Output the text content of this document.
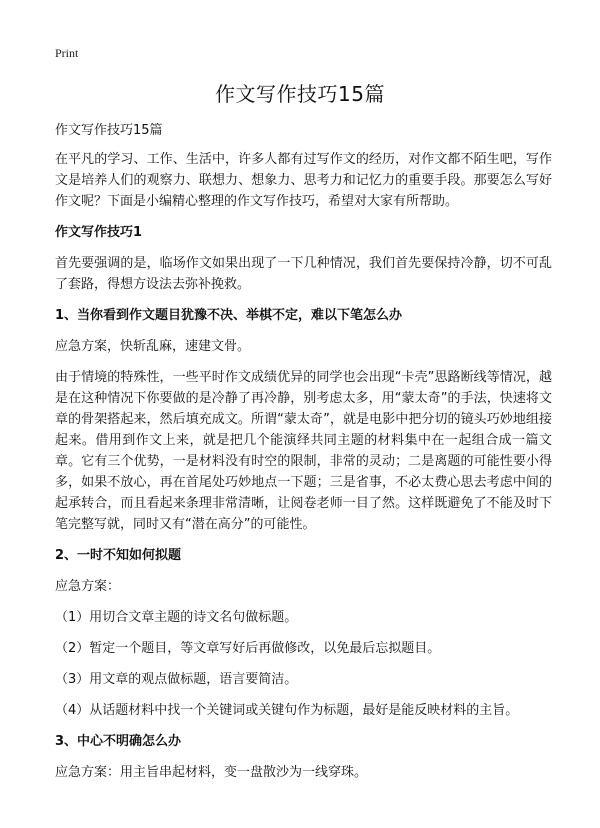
Print
作文写作技巧15篇

作文写作技巧15篇

在平凡的学习、工作、生活中，许多人都有过写作文的经历，对作文都不陌生吧，写作文是培养人们的观察力、联想力、想象力、思考力和记忆力的重要手段。那要怎么写好作文呢？下面是小编精心整理的作文写作技巧，希望对大家有所帮助。

作文写作技巧1

首先要强调的是，临场作文如果出现了一下几种情况，我们首先要保持冷静，切不可乱了套路，得想方设法去弥补挽救。

1、当你看到作文题目犹豫不决、举棋不定，难以下笔怎么办

应急方案，快斩乱麻，速建文骨。

由于情境的特殊性，一些平时作文成绩优异的同学也会出现“卡壳”思路断线等情况，越是在这种情况下你要做的是冷静了再冷静，别考虑太多，用“蒙太奇”的手法，快速将文章的骨架搭起来，然后填充成文。所谓“蒙太奇”，就是电影中把分切的镜头巧妙地组接起来。借用到作文上来，就是把几个能演绎共同主题的材料集中在一起组合成一篇文章。它有三个优势，一是材料没有时空的限制，非常的灵动；二是离题的可能性要小得多，如果不放心，再在首尾处巧妙地点一下题；三是省事，不必太费心思去考虑中间的起承转合，而且看起来条理非常清晰，让阅卷老师一目了然。这样既避免了不能及时下笔完整写就，同时又有“潜在高分”的可能性。

2、一时不知如何拟题

应急方案：

（1）用切合文章主题的诗文名句做标题。

（2）暂定一个题目，等文章写好后再做修改，以免最后忘拟题目。

（3）用文章的观点做标题，语言要简洁。

（4）从话题材料中找一个关键词或关键句作为标题，最好是能反映材料的主旨。

3、中心不明确怎么办

应急方案：用主旨串起材料，变一盘散沙为一线穿珠。
